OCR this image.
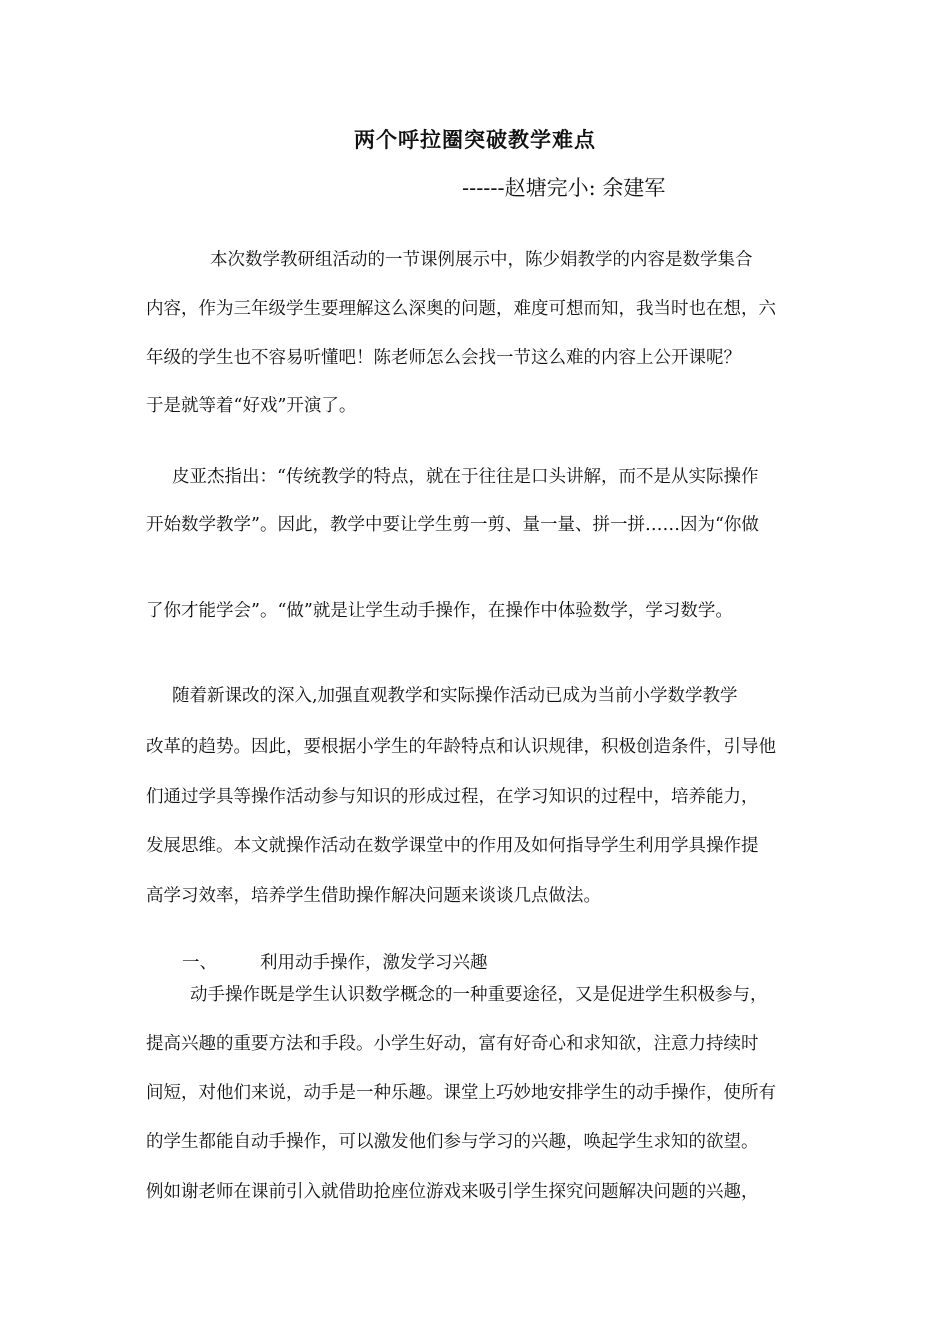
两个呼拉圈突破教学难点
------赵塘完小: 余建军
本次数学教研组活动的一节课例展示中，陈少娟教学的内容是数学集合
内容，作为三年级学生要理解这么深奥的问题，难度可想而知，我当时也在想，六
年级的学生也不容易听懂吧！陈老师怎么会找一节这么难的内容上公开课呢？
于是就等着“好戏”开演了。
皮亚杰指出：“传统教学的特点，就在于往往是口头讲解，而不是从实际操作
开始数学教学”。因此，教学中要让学生剪一剪、量一量、拼一拼……因为“你做
了你才能学会”。“做”就是让学生动手操作，在操作中体验数学，学习数学。
随着新课改的深入,加强直观教学和实际操作活动已成为当前小学数学教学
改革的趋势。因此，要根据小学生的年龄特点和认识规律，积极创造条件，引导他
们通过学具等操作活动参与知识的形成过程，在学习知识的过程中，培养能力，
发展思维。本文就操作活动在数学课堂中的作用及如何指导学生利用学具操作提
高学习效率，培养学生借助操作解决问题来谈谈几点做法。
一、 利用动手操作，激发学习兴趣
动手操作既是学生认识数学概念的一种重要途径，又是促进学生积极参与，
提高兴趣的重要方法和手段。小学生好动，富有好奇心和求知欲，注意力持续时
间短，对他们来说，动手是一种乐趣。课堂上巧妙地安排学生的动手操作，使所有
的学生都能自动手操作，可以激发他们参与学习的兴趣，唤起学生求知的欲望。
例如谢老师在课前引入就借助抢座位游戏来吸引学生探究问题解决问题的兴趣，
